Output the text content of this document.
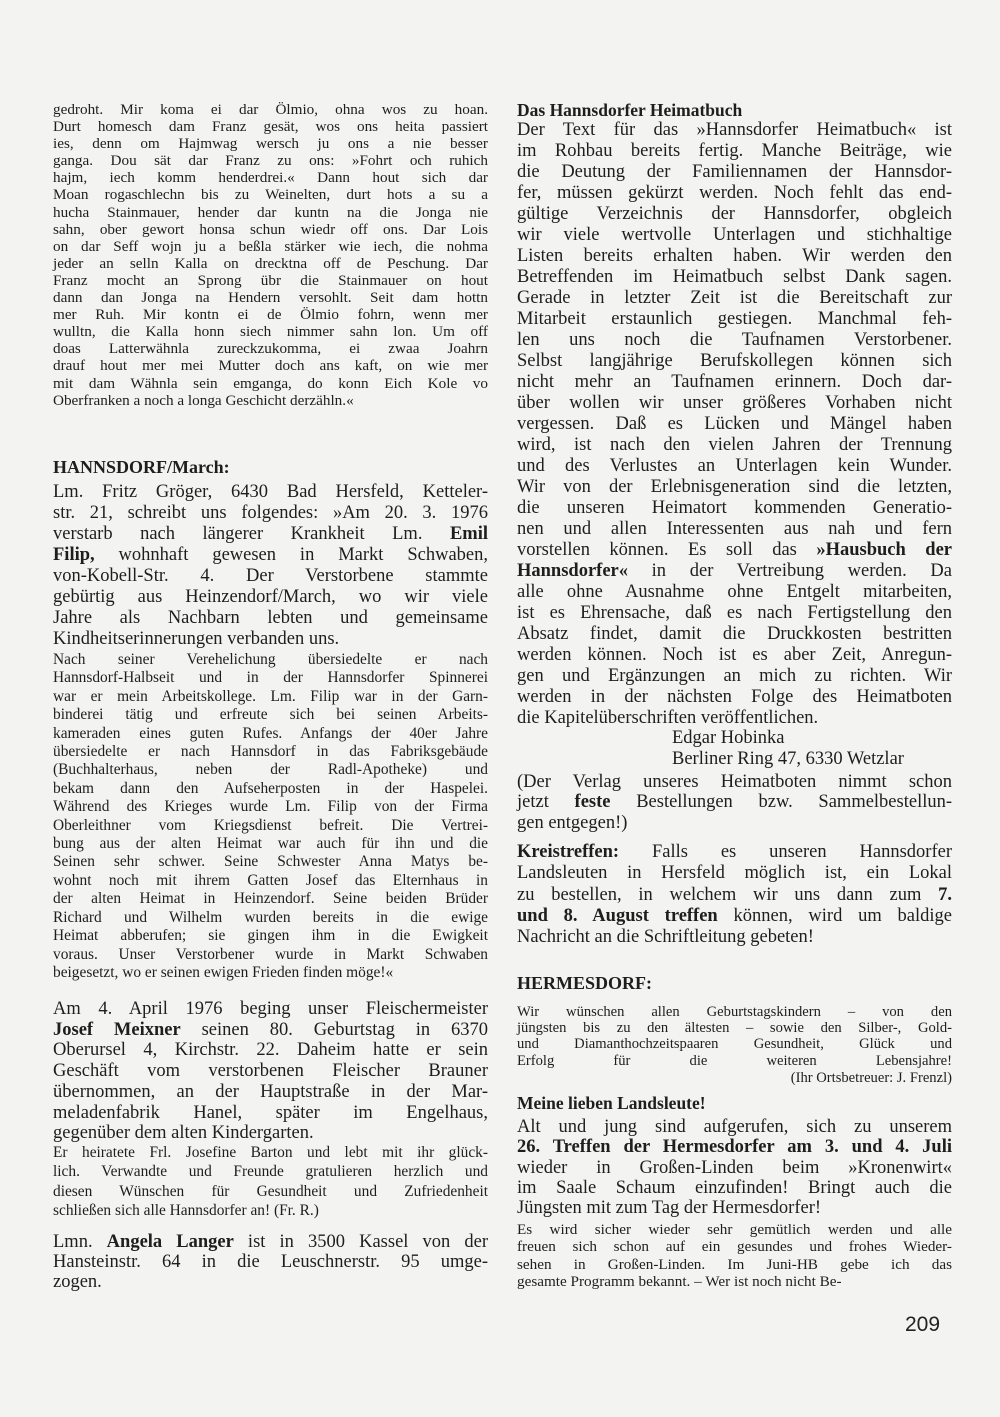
gedroht. Mir koma ei dar Ölmio, ohna wos zu hoan.
Durt homesch dam Franz gesät, wos ons heita passiert
ies, denn om Hajmwag wersch ju ons a nie besser
ganga. Dou sät dar Franz zu ons: »Fohrt och ruhich
hajm, iech komm henderdrei.« Dann hout sich dar
Moan rogaschlechn bis zu Weinelten, durt hots a su a
hucha Stainmauer, hender dar kuntn na die Jonga nie
sahn, ober gewort honsa schun wiedr off ons. Dar Lois
on dar Seff wojn ju a beßla stärker wie iech, die nohma
jeder an selln Kalla on drecktna off de Peschung. Dar
Franz mocht an Sprong übr die Stainmauer on hout
dann dan Jonga na Hendern versohlt. Seit dam hottn
mer Ruh. Mir kontn ei de Ölmio fohrn, wenn mer
wulltn, die Kalla honn siech nimmer sahn lon. Um off
doas Latterwähnla zureckzukomma, ei zwaa Joahrn
drauf hout mer mei Mutter doch ans kaft, on wie mer
mit dam Wähnla sein emganga, do konn Eich Kole vo
Oberfranken a noch a longa Geschicht derzähln.«
HANNSDORF/March:
Lm. Fritz Gröger, 6430 Bad Hersfeld, Ketteler-
str. 21, schreibt uns folgendes: »Am 20. 3. 1976
verstarb nach längerer Krankheit Lm. Emil
Filip, wohnhaft gewesen in Markt Schwaben,
von-Kobell-Str. 4. Der Verstorbene stammte
gebürtig aus Heinzendorf/March, wo wir viele
Jahre als Nachbarn lebten und gemeinsame
Kindheitserinnerungen verbanden uns.
Nach seiner Verehelichung übersiedelte er nach
Hannsdorf-Halbseit und in der Hannsdorfer Spinnerei
war er mein Arbeitskollege. Lm. Filip war in der Garn-
binderei tätig und erfreute sich bei seinen Arbeits-
kameraden eines guten Rufes. Anfangs der 40er Jahre
übersiedelte er nach Hannsdorf in das Fabriksgebäude
(Buchhalterhaus, neben der Radl-Apotheke) und
bekam dann den Aufseherposten in der Haspelei.
Während des Krieges wurde Lm. Filip von der Firma
Oberleithner vom Kriegsdienst befreit. Die Vertrei-
bung aus der alten Heimat war auch für ihn und die
Seinen sehr schwer. Seine Schwester Anna Matys be-
wohnt noch mit ihrem Gatten Josef das Elternhaus in
der alten Heimat in Heinzendorf. Seine beiden Brüder
Richard und Wilhelm wurden bereits in die ewige
Heimat abberufen; sie gingen ihm in die Ewigkeit
voraus. Unser Verstorbener wurde in Markt Schwaben
beigesetzt, wo er seinen ewigen Frieden finden möge!«
Am 4. April 1976 beging unser Fleischermeister
Josef Meixner seinen 80. Geburtstag in 6370
Oberursel 4, Kirchstr. 22. Daheim hatte er sein
Geschäft vom verstorbenen Fleischer Brauner
übernommen, an der Hauptstraße in der Mar-
meladenfabrik Hanel, später im Engelhaus,
gegenüber dem alten Kindergarten.
Er heiratete Frl. Josefine Barton und lebt mit ihr glück-
lich. Verwandte und Freunde gratulieren herzlich und
diesen Wünschen für Gesundheit und Zufriedenheit
schließen sich alle Hannsdorfer an! (Fr. R.)
Lmn. Angela Langer ist in 3500 Kassel von der
Hansteinstr. 64 in die Leuschnerstr. 95 umge-
zogen.
Das Hannsdorfer Heimatbuch
Der Text für das »Hannsdorfer Heimatbuch« ist
im Rohbau bereits fertig. Manche Beiträge, wie
die Deutung der Familiennamen der Hannsdor-
fer, müssen gekürzt werden. Noch fehlt das end-
gültige Verzeichnis der Hannsdorfer, obgleich
wir viele wertvolle Unterlagen und stichhaltige
Listen bereits erhalten haben. Wir werden den
Betreffenden im Heimatbuch selbst Dank sagen.
Gerade in letzter Zeit ist die Bereitschaft zur
Mitarbeit erstaunlich gestiegen. Manchmal feh-
len uns noch die Taufnamen Verstorbener.
Selbst langjährige Berufskollegen können sich
nicht mehr an Taufnamen erinnern. Doch dar-
über wollen wir unser größeres Vorhaben nicht
vergessen. Daß es Lücken und Mängel haben
wird, ist nach den vielen Jahren der Trennung
und des Verlustes an Unterlagen kein Wunder.
Wir von der Erlebnisgeneration sind die letzten,
die unseren Heimatort kommenden Generatio-
nen und allen Interessenten aus nah und fern
vorstellen können. Es soll das »Hausbuch der
Hannsdorfer« in der Vertreibung werden. Da
alle ohne Ausnahme ohne Entgelt mitarbeiten,
ist es Ehrensache, daß es nach Fertigstellung den
Absatz findet, damit die Druckkosten bestritten
werden können. Noch ist es aber Zeit, Anregun-
gen und Ergänzungen an mich zu richten. Wir
werden in der nächsten Folge des Heimatboten
die Kapitelüberschriften veröffentlichen.
Edgar Hobinka
Berliner Ring 47, 6330 Wetzlar
(Der Verlag unseres Heimatboten nimmt schon
jetzt feste Bestellungen bzw. Sammelbestellun-
gen entgegen!)
Kreistreffen: Falls es unseren Hannsdorfer
Landsleuten in Hersfeld möglich ist, ein Lokal
zu bestellen, in welchem wir uns dann zum 7.
und 8. August treffen können, wird um baldige
Nachricht an die Schriftleitung gebeten!
HERMESDORF:
Wir wünschen allen Geburtstagskindern – von den
jüngsten bis zu den ältesten – sowie den Silber-, Gold-
und Diamanthochzeitspaaren Gesundheit, Glück und
Erfolg für die weiteren Lebensjahre!
(Ihr Ortsbetreuer: J. Frenzl)
Meine lieben Landsleute!
Alt und jung sind aufgerufen, sich zu unserem
26. Treffen der Hermesdorfer am 3. und 4. Juli
wieder in Großen-Linden beim »Kronenwirt«
im Saale Schaum einzufinden! Bringt auch die
Jüngsten mit zum Tag der Hermesdorfer!
Es wird sicher wieder sehr gemütlich werden und alle
freuen sich schon auf ein gesundes und frohes Wieder-
sehen in Großen-Linden. Im Juni-HB gebe ich das
gesamte Programm bekannt. – Wer ist noch nicht Be-
209
